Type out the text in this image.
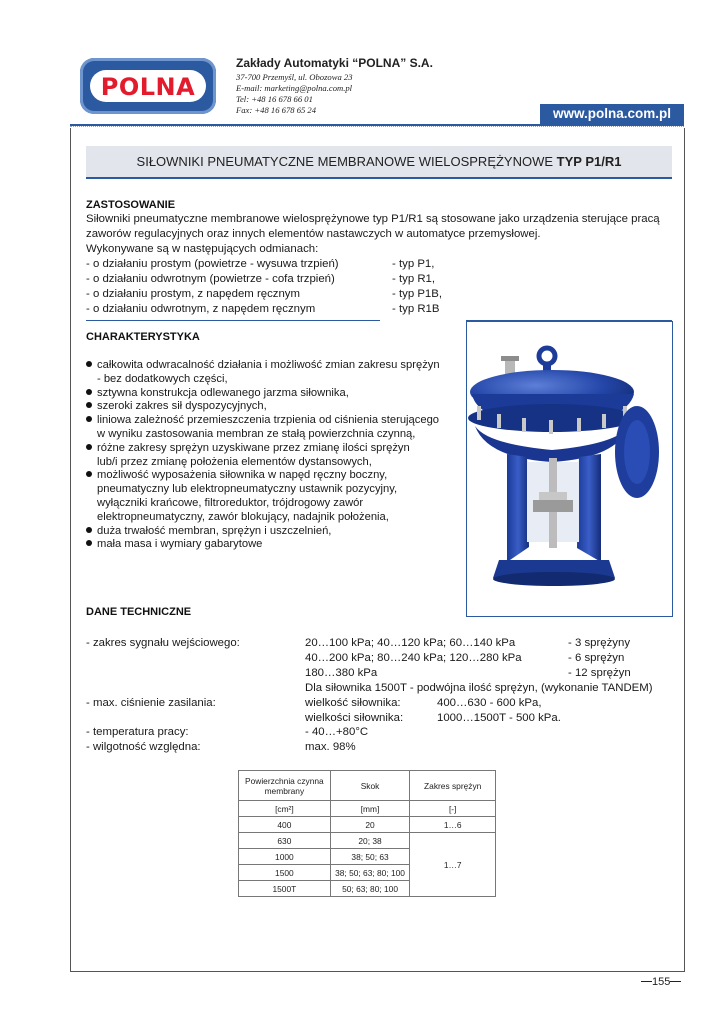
POLNA
Zakłady Automatyki “POLNA” S.A.
37-700 Przemyśl, ul. Obozowa 23
E-mail: marketing@polna.com.pl
Tel: +48 16 678 66 01
Fax: +48 16 678 65 24	www.polna.com.pl
SIŁOWNIKI PNEUMATYCZNE MEMBRANOWE WIELOSPRĘŻYNOWE TYP P1/R1
ZASTOSOWANIE
Siłowniki pneumatyczne membranowe wielosprężynowe typ P1/R1 są stosowane jako urządzenia sterujące pracą
zaworów regulacyjnych oraz innych elementów nastawczych w automatyce przemysłowej.
Wykonywane są w następujących odmianach:
- o działaniu prostym (powietrze - wysuwa trzpień)	- typ P1,
- o działaniu odwrotnym (powietrze - cofa trzpień)	- typ R1,
- o działaniu prostym, z napędem ręcznym	- typ P1B,
- o działaniu odwrotnym, z napędem ręcznym	- typ R1B
CHARAKTERYSTYKA
całkowita odwracalność działania i możliwość zmian zakresu sprężyn
- bez dodatkowych części,
sztywna konstrukcja odlewanego jarzma siłownika,
szeroki zakres sił dyspozycyjnych,
liniowa zależność przemieszczenia trzpienia od ciśnienia sterującego
w wyniku zastosowania membran ze stałą powierzchnia czynną,
różne zakresy sprężyn uzyskiwane przez zmianę ilości sprężyn
lub/i przez zmianę położenia elementów dystansowych,
możliwość wyposażenia siłownika w napęd ręczny boczny,
pneumatyczny lub elektropneumatyczny ustawnik pozycyjny,
wyłączniki krańcowe, filtroreduktor, trójdrogowy zawór
elektropneumatyczny, zawór blokujący, nadajnik położenia,
duża trwałość membran, sprężyn i uszczelnień,
mała masa i wymiary gabarytowe
DANE TECHNICZNE
- zakres sygnału wejściowego:	20…100 kPa; 40…120 kPa; 60…140 kPa	- 3 sprężyny
40…200 kPa; 80…240 kPa; 120…280 kPa	- 6 sprężyn
180…380 kPa	- 12 sprężyn
Dla siłownika 1500T - podwójna ilość sprężyn, (wykonanie TANDEM)
- max. ciśnienie zasilania:	wielkość siłownika:	400…630 - 600 kPa,
wielkości siłownika:	1000…1500T - 500 kPa.
- temperatura pracy:	- 40…+80°C
- wilgotność względna:	max. 98%
Powierzchnia czynna membrany	Skok	Zakres sprężyn
[cm²]	[mm]	[-]
400	20	1…6
630	20; 38	1…7
1000	38; 50; 63	
1500	38; 50; 63; 80; 100	
1500T	50; 63; 80; 100	
155
